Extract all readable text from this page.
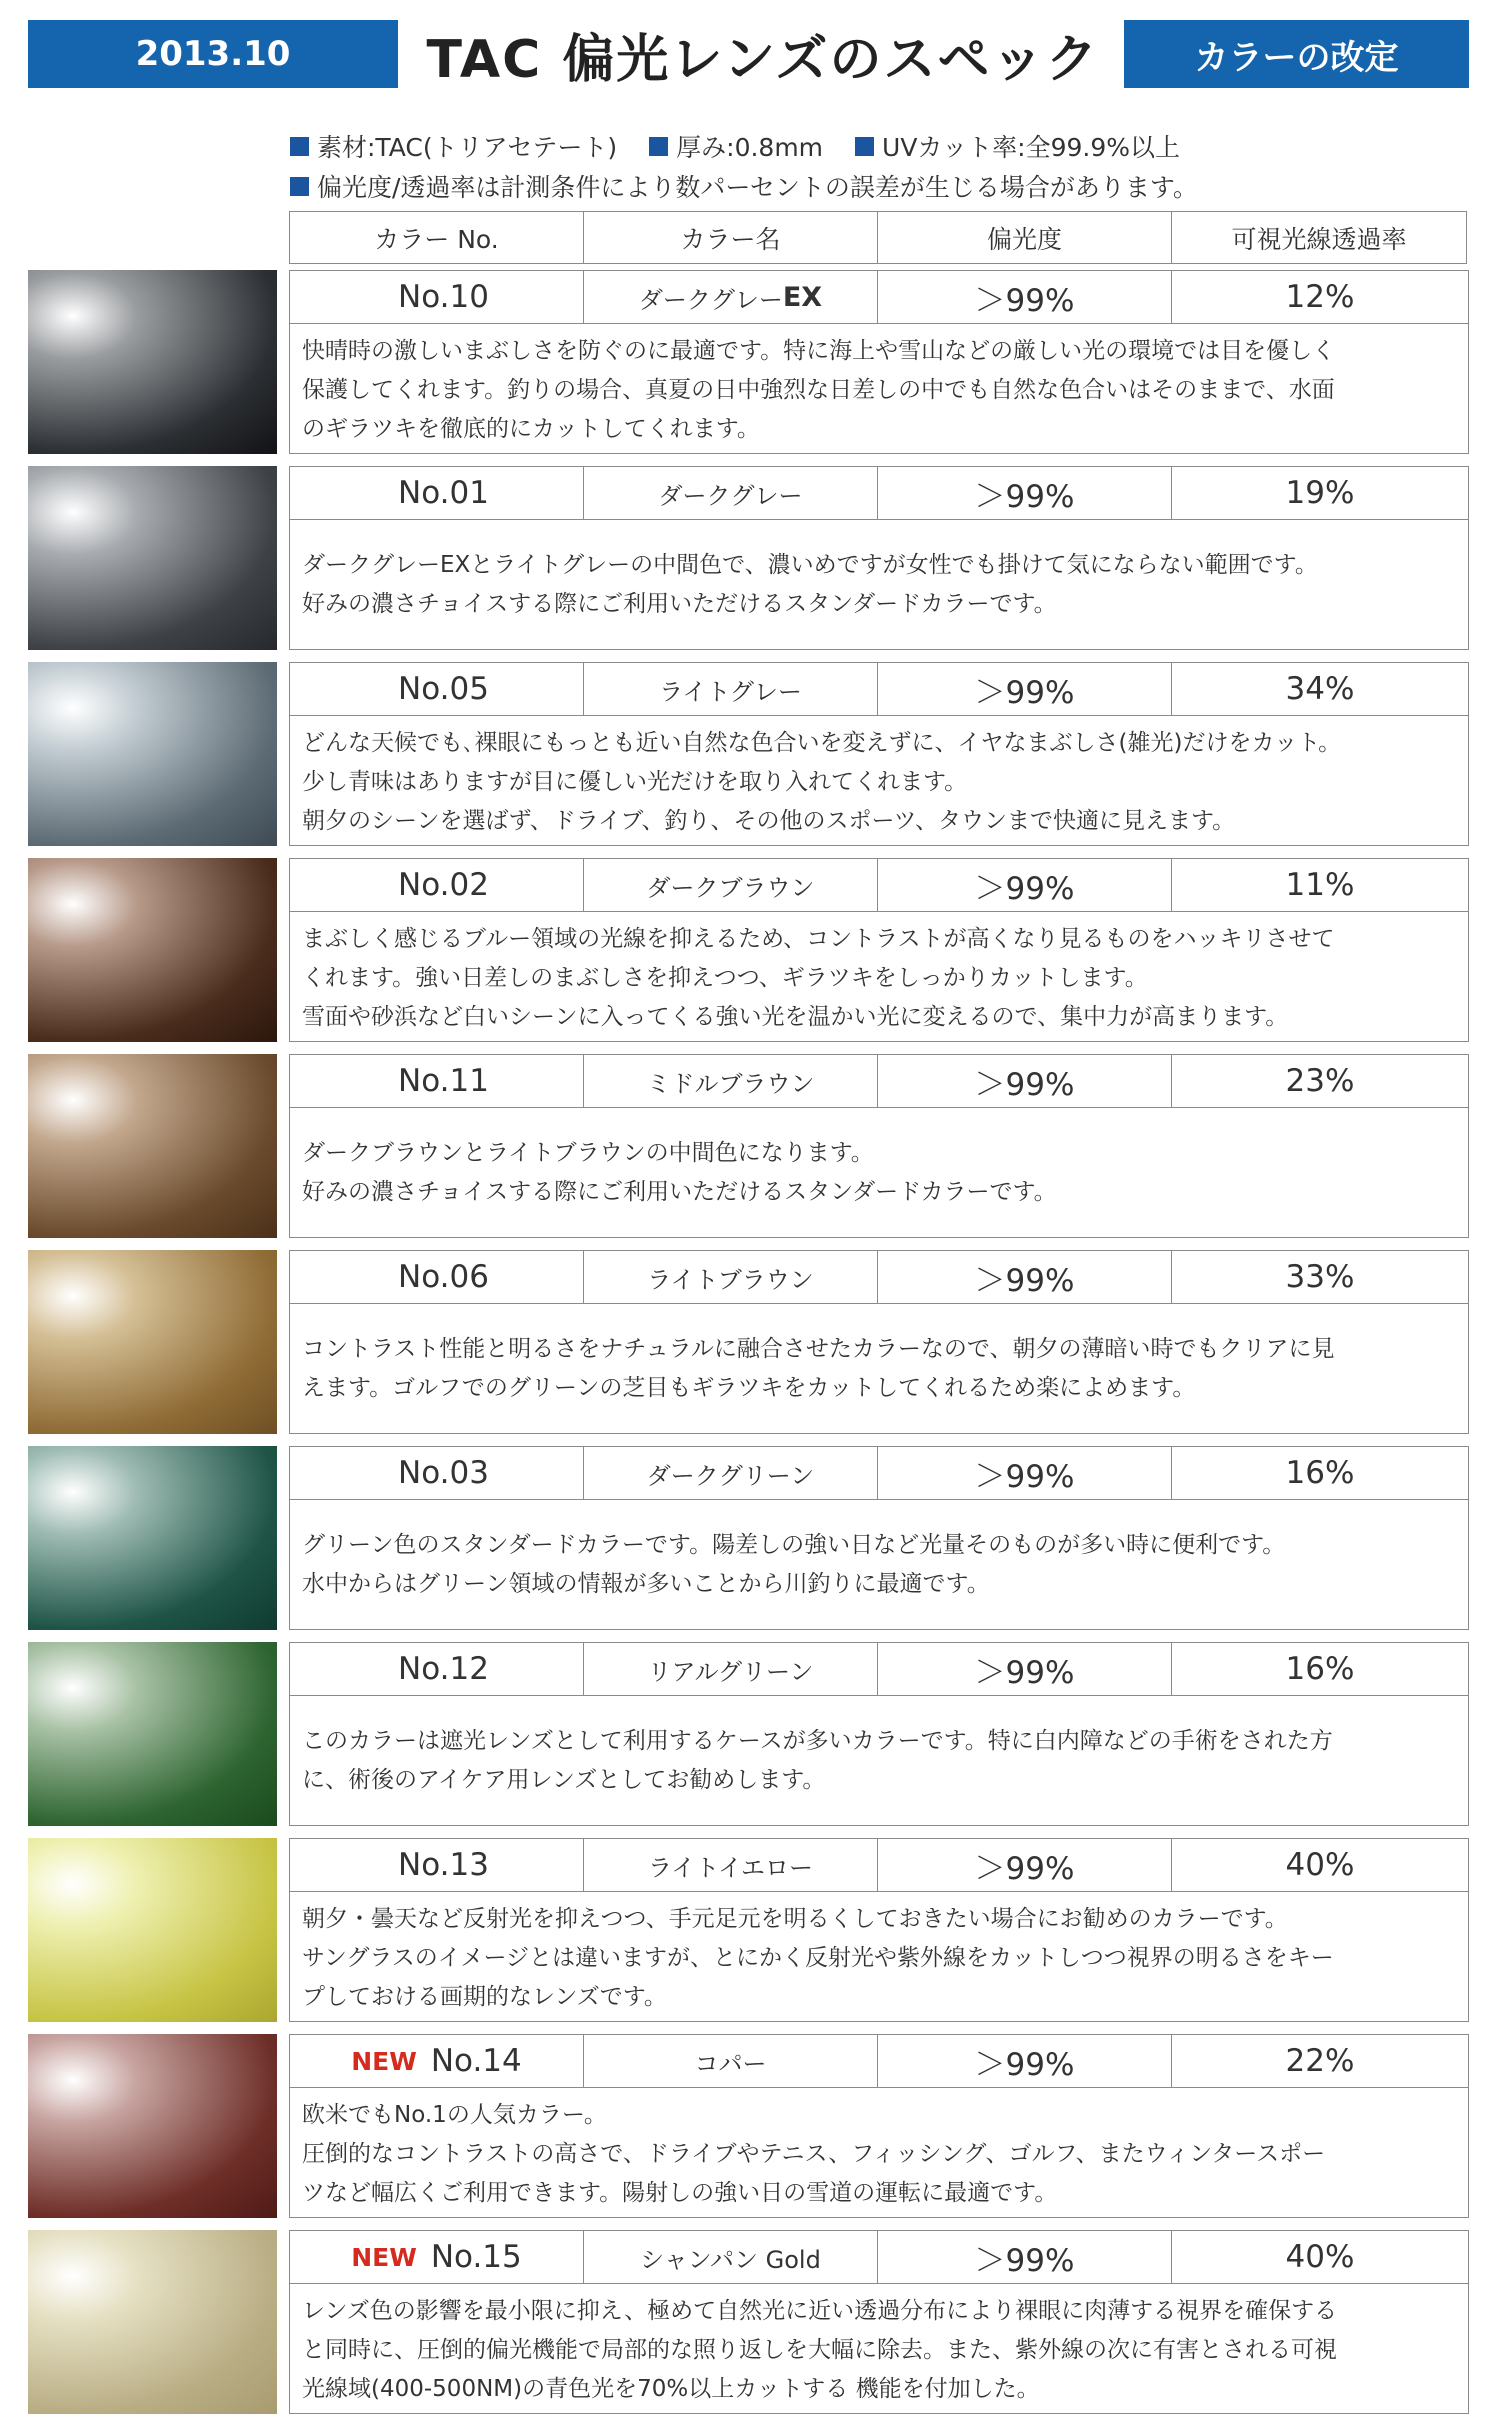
2013.10	TAC 偏光レンズのスペック	カラーの改定
素材:TAC(トリアセテート) 厚み:0.8mm UVカット率:全99.9%以上
偏光度/透過率は計測条件により数パーセントの誤差が生じる場合があります。
カラー No.	カラー名	偏光度	可視光線透過率
No.10	ダークグレー EX	＞99%	12%

快晴時の激しいまぶしさを防ぐのに最適です。特に海上や雪山などの厳しい光の環境では目を優しく

保護してくれます。釣りの場合、真夏の日中強烈な日差しの中でも自然な色合いはそのままで、水面

のギラツキを徹底的にカットしてくれます。

No.01	ダークグレー	＞99%	19%

ダークグレーEXとライトグレーの中間色で、濃いめですが女性でも掛けて気にならない範囲です。

好みの濃さチョイスする際にご利用いただけるスタンダードカラーです。

No.05	ライトグレー	＞99%	34%

どんな天候でも､裸眼にもっとも近い自然な色合いを変えずに、イヤなまぶしさ(雑光)だけをカット。

少し青味はありますが目に優しい光だけを取り入れてくれます。

朝夕のシーンを選ばず、ドライブ、釣り、その他のスポーツ、タウンまで快適に見えます。

No.02	ダークブラウン	＞99%	11%

まぶしく感じるブルー領域の光線を抑えるため、コントラストが高くなり見るものをハッキリさせて

くれます。強い日差しのまぶしさを抑えつつ、ギラツキをしっかりカットします。

雪面や砂浜など白いシーンに入ってくる強い光を温かい光に変えるので、集中力が高まります。

No.11	ミドルブラウン	＞99%	23%

ダークブラウンとライトブラウンの中間色になります。

好みの濃さチョイスする際にご利用いただけるスタンダードカラーです。

No.06	ライトブラウン	＞99%	33%

コントラスト性能と明るさをナチュラルに融合させたカラーなので、朝夕の薄暗い時でもクリアに見

えます。ゴルフでのグリーンの芝目もギラツキをカットしてくれるため楽によめます。

No.03	ダークグリーン	＞99%	16%

グリーン色のスタンダードカラーです。陽差しの強い日など光量そのものが多い時に便利です。

水中からはグリーン領域の情報が多いことから川釣りに最適です。

No.12	リアルグリーン	＞99%	16%

このカラーは遮光レンズとして利用するケースが多いカラーです。特に白内障などの手術をされた方

に、術後のアイケア用レンズとしてお勧めします。

No.13	ライトイエロー	＞99%	40%

朝夕・曇天など反射光を抑えつつ、手元足元を明るくしておきたい場合にお勧めのカラーです。

サングラスのイメージとは違いますが、とにかく反射光や紫外線をカットしつつ視界の明るさをキー

プしておける画期的なレンズです。

NEW No.14	コパー	＞99%	22%

欧米でもNo.1の人気カラー。

圧倒的なコントラストの高さで、ドライブやテニス、フィッシング、ゴルフ、またウィンタースポー

ツなど幅広くご利用できます。陽射しの強い日の雪道の運転に最適です。

NEW No.15	シャンパン Gold	＞99%	40%

レンズ色の影響を最小限に抑え、極めて自然光に近い透過分布により裸眼に肉薄する視界を確保する

と同時に、圧倒的偏光機能で局部的な照り返しを大幅に除去。また、紫外線の次に有害とされる可視

光線域(400-500NM)の青色光を70%以上カットする 機能を付加した。
